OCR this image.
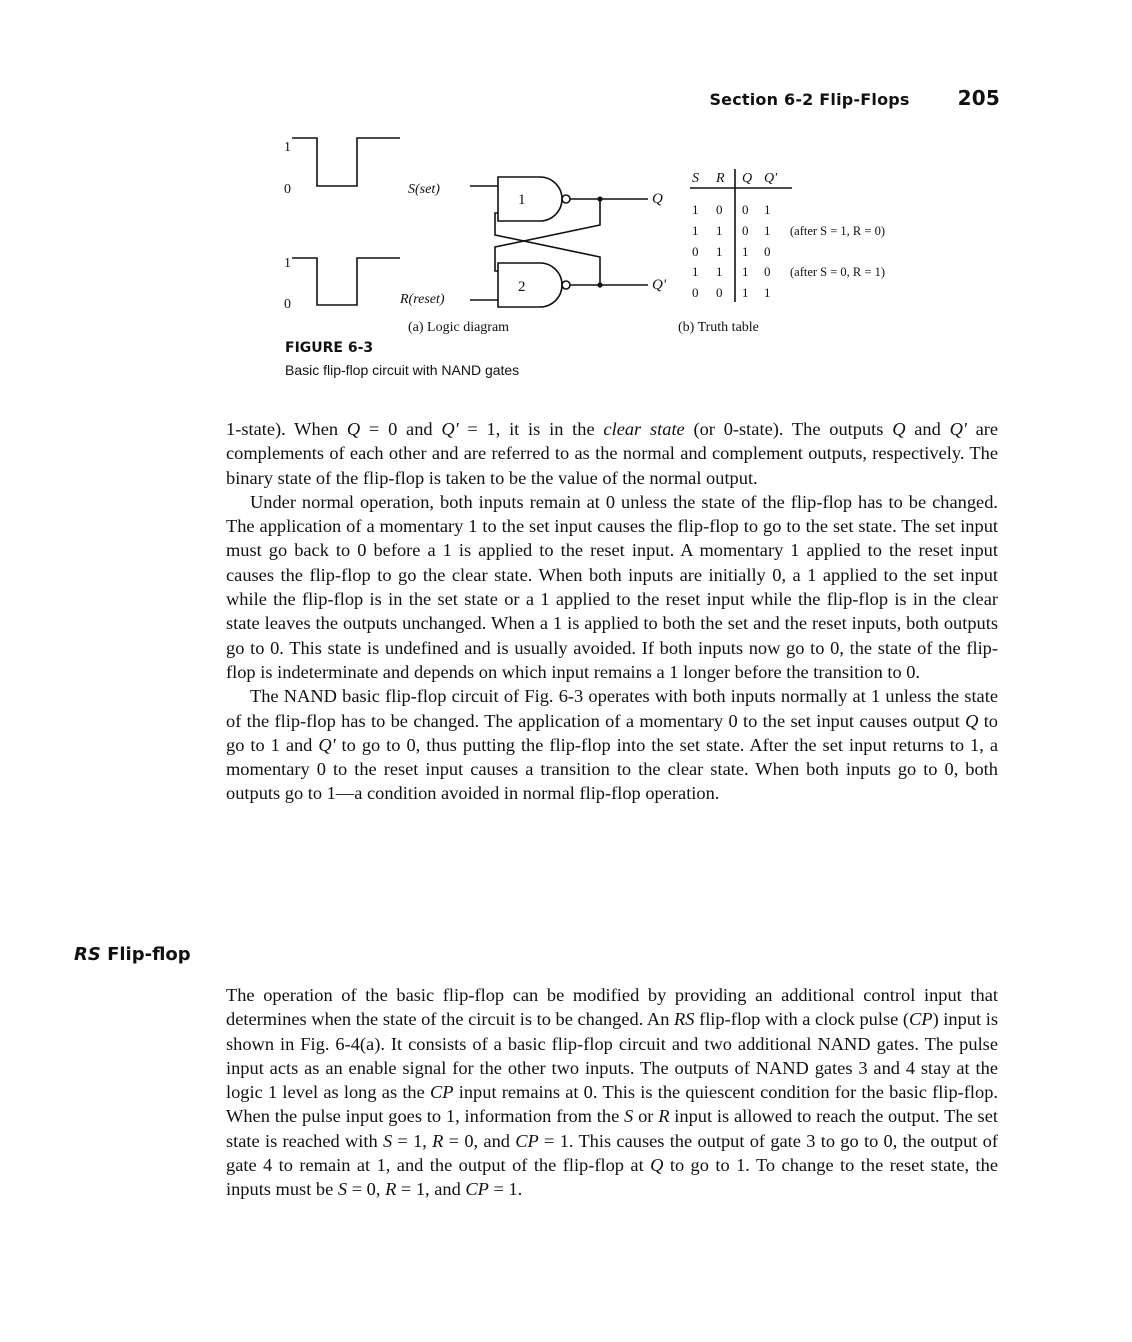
Section 6-2 Flip-Flops 205
1
0
1
0
S(set)
R(reset)
1
2
Q
Q'
(a) Logic diagram
S R Q Q'
1 0 0 1
1 1 0 1 (after S = 1, R = 0)
0 1 1 0
1 1 1 0 (after S = 0, R = 1)
0 0 1 1
(b) Truth table
FIGURE 6-3
Basic flip-flop circuit with NAND gates

1-state). When Q = 0 and Q' = 1, it is in the clear state (or 0-state). The outputs Q and Q' are complements of each other and are referred to as the normal and complement outputs, respectively. The binary state of the flip-flop is taken to be the value of the normal output.

Under normal operation, both inputs remain at 0 unless the state of the flip-flop has to be changed. The application of a momentary 1 to the set input causes the flip-flop to go to the set state. The set input must go back to 0 before a 1 is applied to the reset input. A momentary 1 applied to the reset input causes the flip-flop to go the clear state. When both inputs are initially 0, a 1 applied to the set input while the flip-flop is in the set state or a 1 applied to the reset input while the flip-flop is in the clear state leaves the outputs unchanged. When a 1 is applied to both the set and the reset inputs, both outputs go to 0. This state is undefined and is usually avoided. If both inputs now go to 0, the state of the flip-flop is indeterminate and depends on which input remains a 1 longer before the transition to 0.

The NAND basic flip-flop circuit of Fig. 6-3 operates with both inputs normally at 1 unless the state of the flip-flop has to be changed. The application of a momentary 0 to the set input causes output Q to go to 1 and Q' to go to 0, thus putting the flip-flop into the set state. After the set input returns to 1, a momentary 0 to the reset input causes a transition to the clear state. When both inputs go to 0, both outputs go to 1—a condition avoided in normal flip-flop operation.

RS Flip-flop

The operation of the basic flip-flop can be modified by providing an additional control input that determines when the state of the circuit is to be changed. An RS flip-flop with a clock pulse (CP) input is shown in Fig. 6-4(a). It consists of a basic flip-flop circuit and two additional NAND gates. The pulse input acts as an enable signal for the other two inputs. The outputs of NAND gates 3 and 4 stay at the logic 1 level as long as the CP input remains at 0. This is the quiescent condition for the basic flip-flop. When the pulse input goes to 1, information from the S or R input is allowed to reach the output. The set state is reached with S = 1, R = 0, and CP = 1. This causes the output of gate 3 to go to 0, the output of gate 4 to remain at 1, and the output of the flip-flop at Q to go to 1. To change to the reset state, the inputs must be S = 0, R = 1, and CP = 1.
